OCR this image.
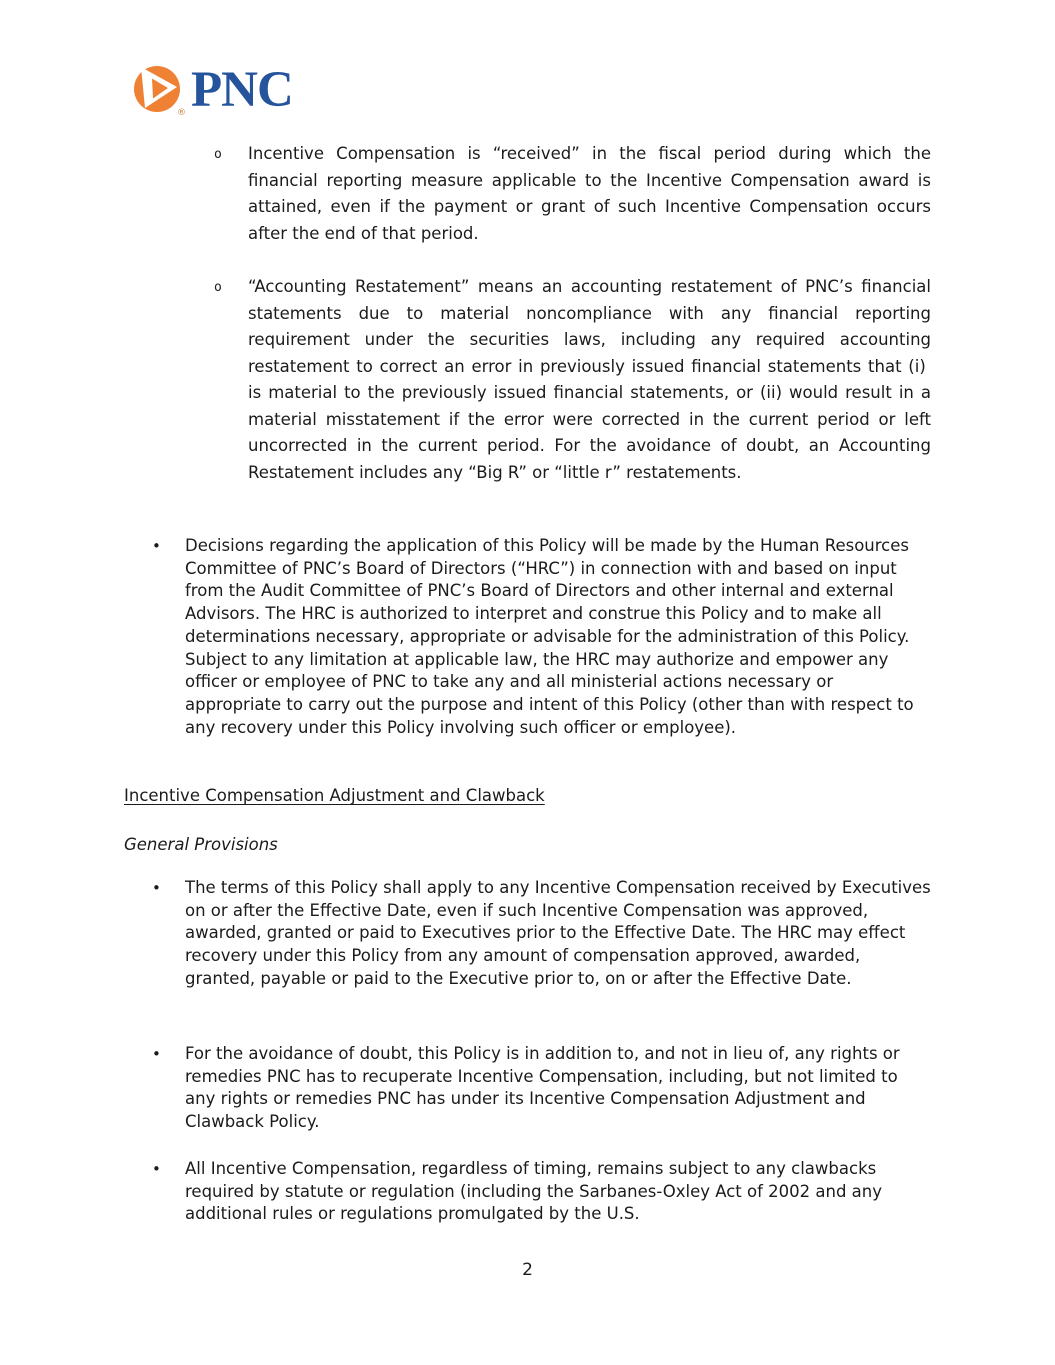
® PNC
o	Incentive Compensation is “received” in the fiscal period during which the financial reporting measure applicable to the Incentive Compensation award is attained, even if the payment or grant of such Incentive Compensation occurs after the end of that period.
o	“Accounting Restatement” means an accounting restatement of PNC’s financial statements due to material noncompliance with any financial reporting requirement under the securities laws, including any required accounting restatement to correct an error in previously issued financial statements that (i)  is material to the previously issued financial statements, or (ii) would result in a material misstatement if the error were corrected in the current period or left uncorrected in the current period. For the avoidance of doubt, an Accounting Restatement includes any “Big R” or “little r” restatements.
•	Decisions regarding the application of this Policy will be made by the Human Resources Committee of PNC’s Board of Directors (“HRC”) in connection with and based on input from the Audit Committee of PNC’s Board of Directors and other internal and external Advisors. The HRC is authorized to interpret and construe this Policy and to make all determinations necessary, appropriate or advisable for the administration of this Policy. Subject to any limitation at applicable law, the HRC may authorize and empower any officer or employee of PNC to take any and all ministerial actions necessary or appropriate to carry out the purpose and intent of this Policy (other than with respect to any recovery under this Policy involving such officer or employee).
Incentive Compensation Adjustment and Clawback
General Provisions
•	The terms of this Policy shall apply to any Incentive Compensation received by Executives on or after the Effective Date, even if such Incentive Compensation was approved, awarded, granted or paid to Executives prior to the Effective Date. The HRC may effect recovery under this Policy from any amount of compensation approved, awarded, granted, payable or paid to the Executive prior to, on or after the Effective Date.
•	For the avoidance of doubt, this Policy is in addition to, and not in lieu of, any rights or remedies PNC has to recuperate Incentive Compensation, including, but not limited to any rights or remedies PNC has under its Incentive Compensation Adjustment and Clawback Policy.
•	All Incentive Compensation, regardless of timing, remains subject to any clawbacks required by statute or regulation (including the Sarbanes-Oxley Act of 2002 and any additional rules or regulations promulgated by the U.S.
2
